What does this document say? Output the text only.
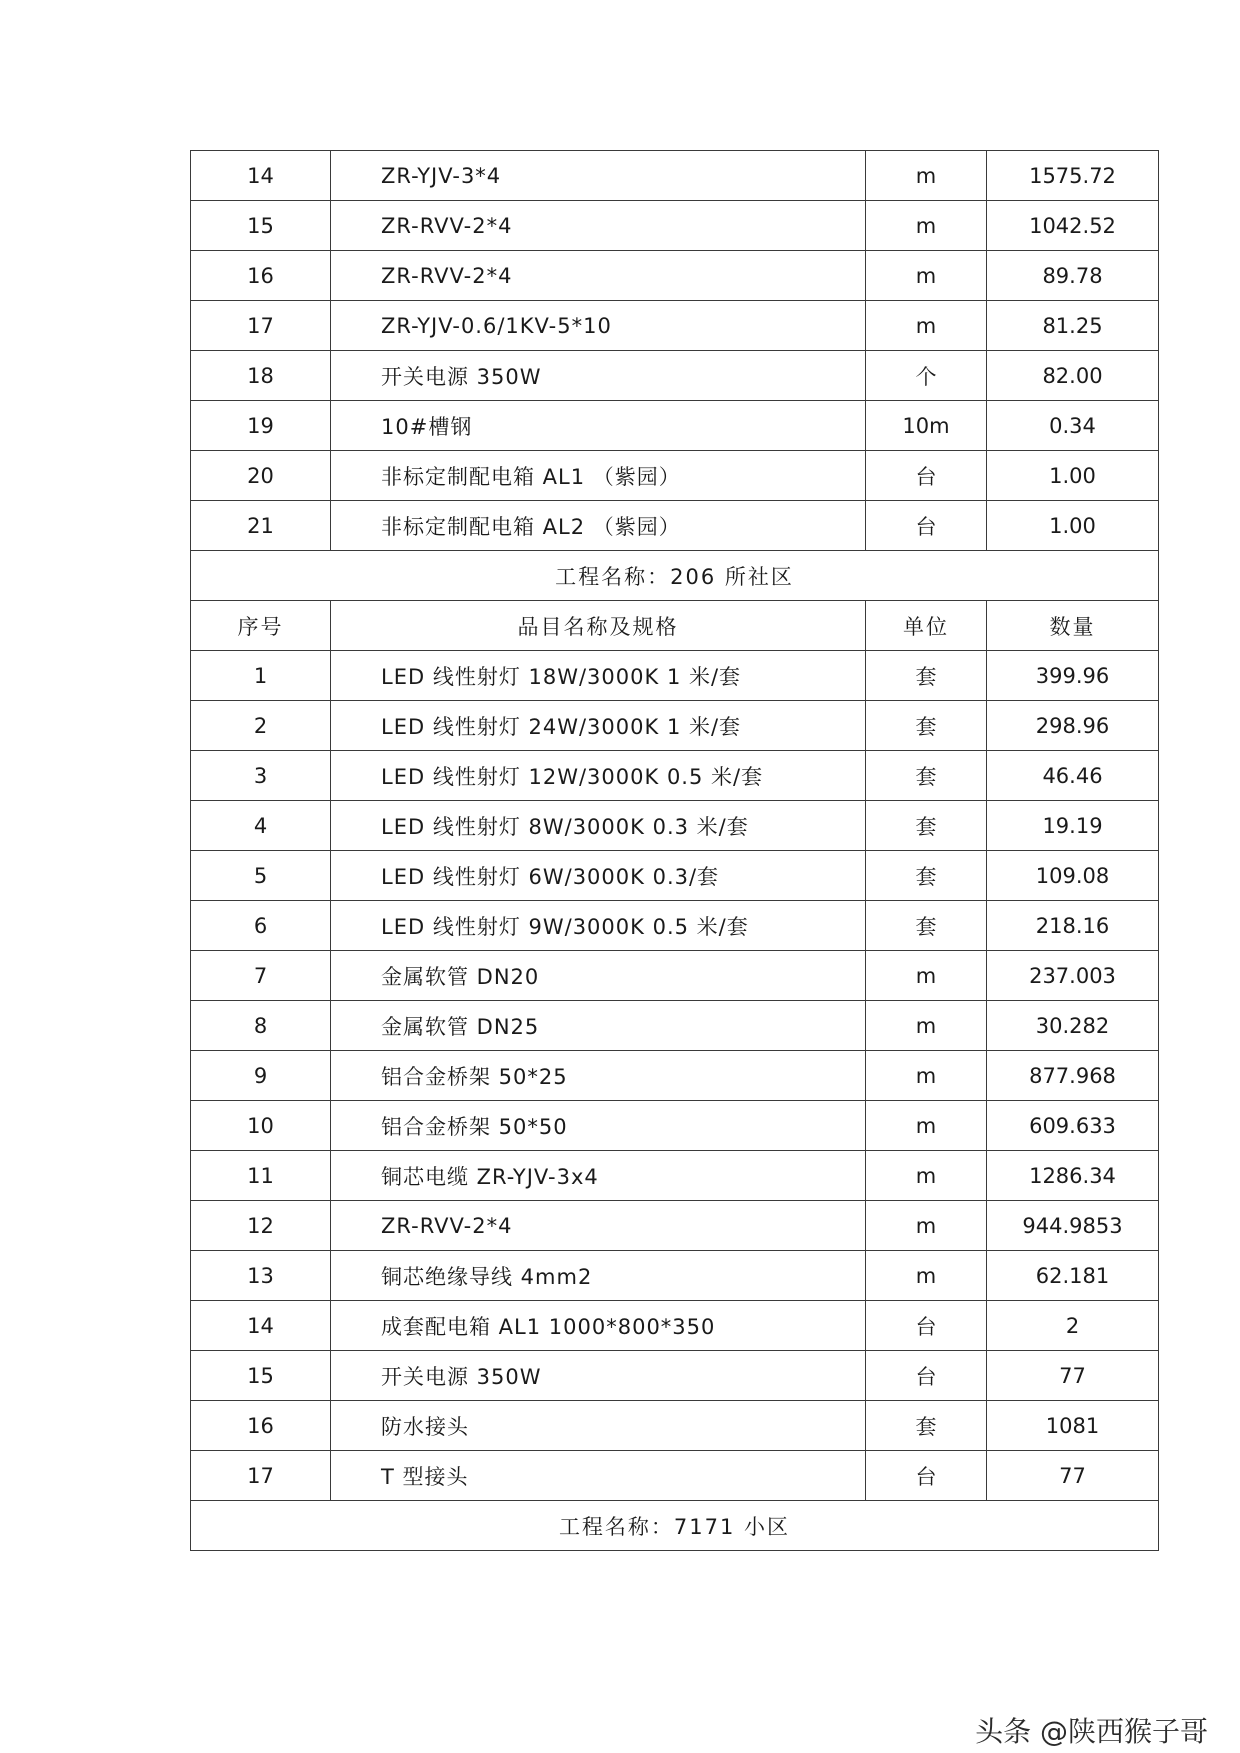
14	ZR-YJV-3*4	m	1575.72
15	ZR-RVV-2*4	m	1042.52
16	ZR-RVV-2*4	m	89.78
17	ZR-YJV-0.6/1KV-5*10	m	81.25
18	开关电源 350W	个	82.00
19	10#槽钢	10m	0.34
20	非标定制配电箱 AL1 （紫园）	台	1.00
21	非标定制配电箱 AL2 （紫园）	台	1.00
工程名称：206 所社区			
序号	品目名称及规格	单位	数量
1	LED 线性射灯 18W/3000K 1 米/套	套	399.96
2	LED 线性射灯 24W/3000K 1 米/套	套	298.96
3	LED 线性射灯 12W/3000K 0.5 米/套	套	46.46
4	LED 线性射灯 8W/3000K 0.3 米/套	套	19.19
5	LED 线性射灯 6W/3000K 0.3/套	套	109.08
6	LED 线性射灯 9W/3000K 0.5 米/套	套	218.16
7	金属软管 DN20	m	237.003
8	金属软管 DN25	m	30.282
9	铝合金桥架 50*25	m	877.968
10	铝合金桥架 50*50	m	609.633
11	铜芯电缆 ZR-YJV-3x4	m	1286.34
12	ZR-RVV-2*4	m	944.9853
13	铜芯绝缘导线 4mm2	m	62.181
14	成套配电箱 AL1 1000*800*350	台	2
15	开关电源 350W	台	77
16	防水接头	套	1081
17	T 型接头	台	77
工程名称：7171 小区			
头条 @陕西猴子哥
